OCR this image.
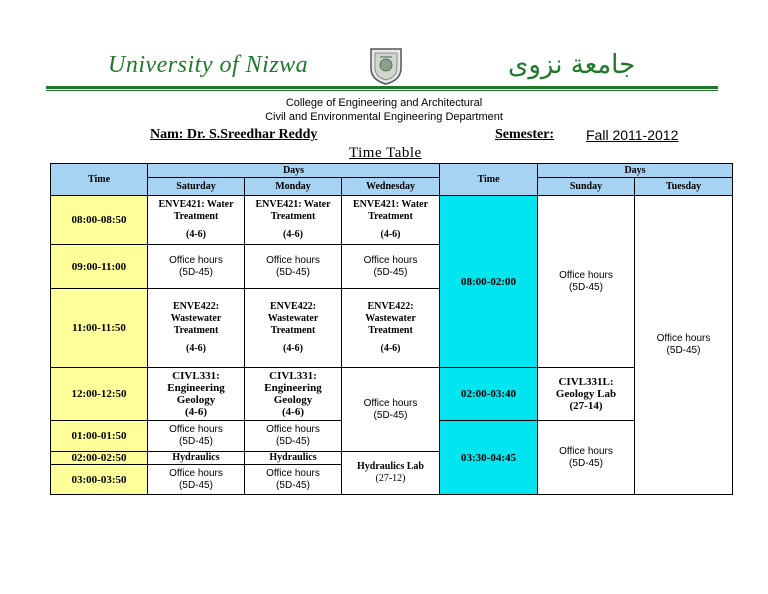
University of Nizwa	جامعة نزوى
College of Engineering and Architectural
Civil and Environmental Engineering Department
Nam: Dr. S.Sreedhar Reddy	Semester: Fall 2011-2012
Time Table
Time	Days		
	Saturday	Monday	Wednesday
08:00-08:50	ENVE421: Water
Treatment
(4-6)	ENVE421: Water
Treatment
(4-6)	ENVE421: Water
Treatment
(4-6)
09:00-11:00	Office hours
(5D-45)	Office hours
(5D-45)	Office hours
(5D-45)
11:00-11:50	ENVE422:
Wastewater
Treatment
(4-6)	ENVE422:
Wastewater
Treatment
(4-6)	ENVE422:
Wastewater
Treatment
(4-6)
12:00-12:50	CIVL331:
Engineering
Geology
(4-6)	CIVL331:
Engineering
Geology
(4-6)	Office hours
(5D-45)
01:00-01:50	Office hours
(5D-45)	Office hours
(5D-45)	
02:00-02:50	Hydraulics	Hydraulics	Hydraulics Lab
(27-12)
03:00-03:50	Office hours
(5D-45)	Office hours
(5D-45)	
Time	Days	
	Sunday	Tuesday
08:00-02:00	Office hours
(5D-45)	Office hours
(5D-45)
02:00-03:40	CIVL331L:
Geology Lab
(27-14)	
03:30-04:45	Office hours
(5D-45)	
